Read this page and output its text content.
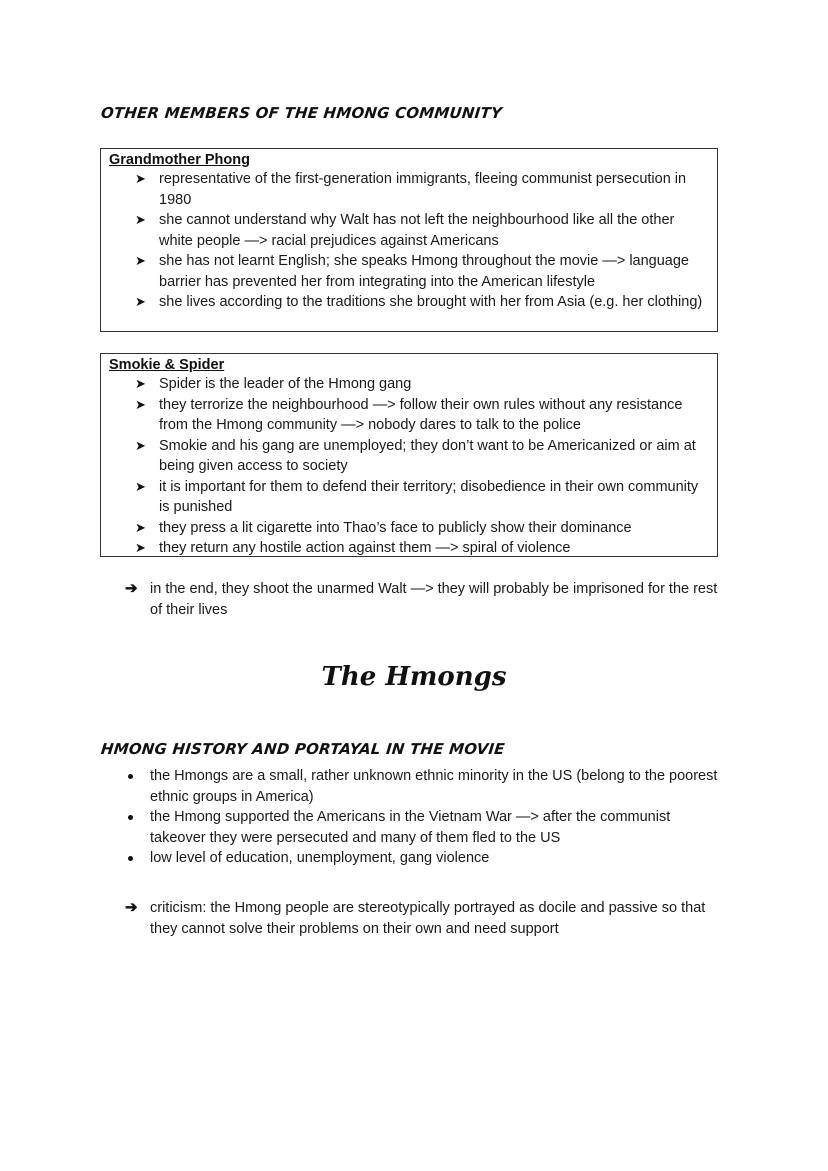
OTHER MEMBERS OF THE HMONG COMMUNITY

Grandmother Phong

➤ representative of the first-generation immigrants, fleeing communist persecution in 1980
➤ she cannot understand why Walt has not left the neighbourhood like all the other white people —> racial prejudices against Americans
➤ she has not learnt English; she speaks Hmong throughout the movie —> language barrier has prevented her from integrating into the American lifestyle
➤ she lives according to the traditions she brought with her from Asia (e.g. her clothing)

Smokie & Spider

➤ Spider is the leader of the Hmong gang
➤ they terrorize the neighbourhood —> follow their own rules without any resistance from the Hmong community —> nobody dares to talk to the police
➤ Smokie and his gang are unemployed; they don’t want to be Americanized or aim at being given access to society
➤ it is important for them to defend their territory; disobedience in their own community is punished
➤ they press a lit cigarette into Thao’s face to publicly show their dominance
➤ they return any hostile action against them —> spiral of violence
➔ in the end, they shoot the unarmed Walt —> they will probably be imprisoned for the rest of their lives
The Hmongs
HMONG HISTORY AND PORTAYAL IN THE MOVIE
the Hmongs are a small, rather unknown ethnic minority in the US (belong to the poorest ethnic groups in America)
the Hmong supported the Americans in the Vietnam War —> after the communist takeover they were persecuted and many of them fled to the US
low level of education, unemployment, gang violence
➔ criticism: the Hmong people are stereotypically portrayed as docile and passive so that they cannot solve their problems on their own and need support
